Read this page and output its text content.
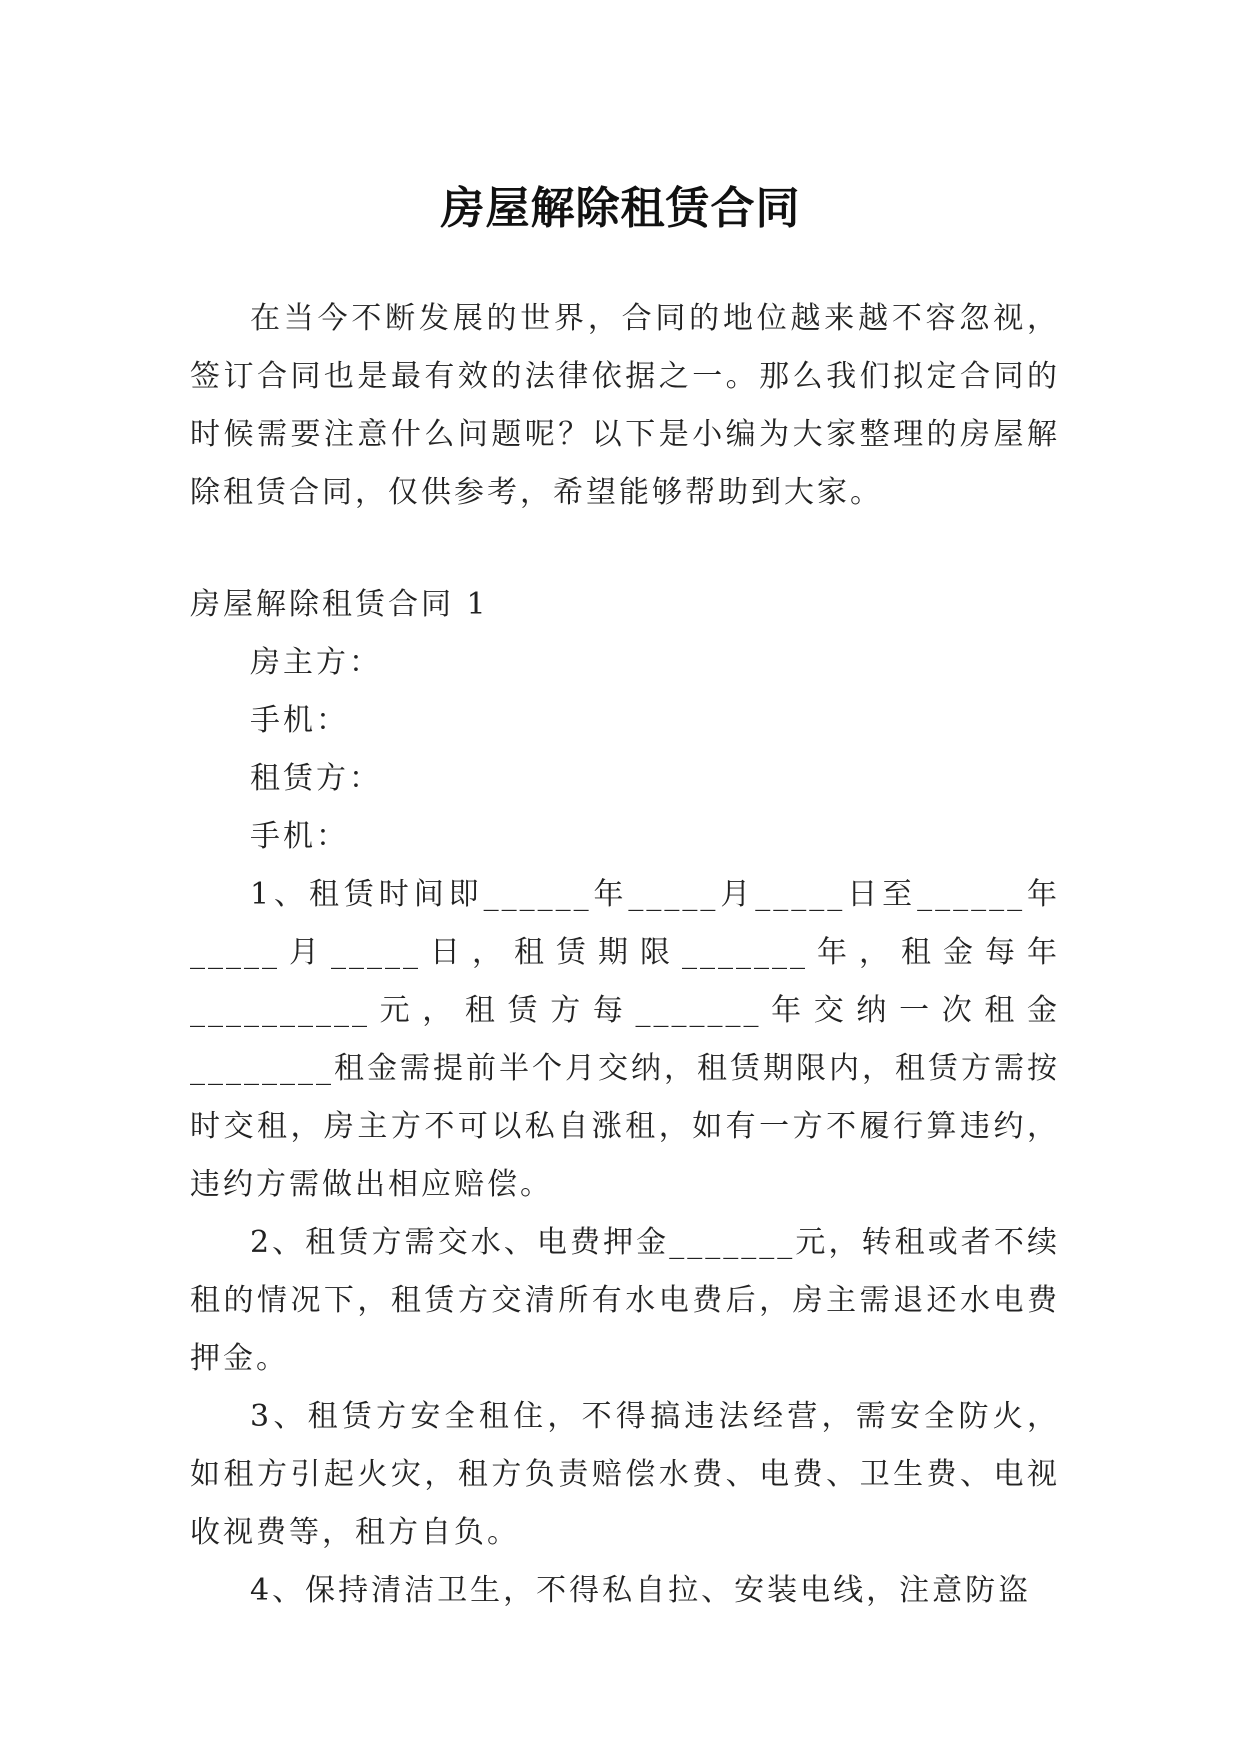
房屋解除租赁合同

在当今不断发展的世界，合同的地位越来越不容忽视，签订合同也是最有效的法律依据之一。那么我们拟定合同的时候需要注意什么问题呢？以下是小编为大家整理的房屋解除租赁合同，仅供参考，希望能够帮助到大家。

房屋解除租赁合同 1

房主方：

手机：

租赁方：

手机：

1、租赁时间即______年_____月_____日至______年_____月_____日，租赁期限_______年，租金每年__________元，租赁方每_______年交纳一次租金________租金需提前半个月交纳，租赁期限内，租赁方需按时交租，房主方不可以私自涨租，如有一方不履行算违约，违约方需做出相应赔偿。

2、租赁方需交水、电费押金_______元，转租或者不续租的情况下，租赁方交清所有水电费后，房主需退还水电费押金。

3、租赁方安全租住，不得搞违法经营，需安全防火，如租方引起火灾，租方负责赔偿水费、电费、卫生费、电视收视费等，租方自负。

4、保持清洁卫生，不得私自拉、安装电线，注意防盗
